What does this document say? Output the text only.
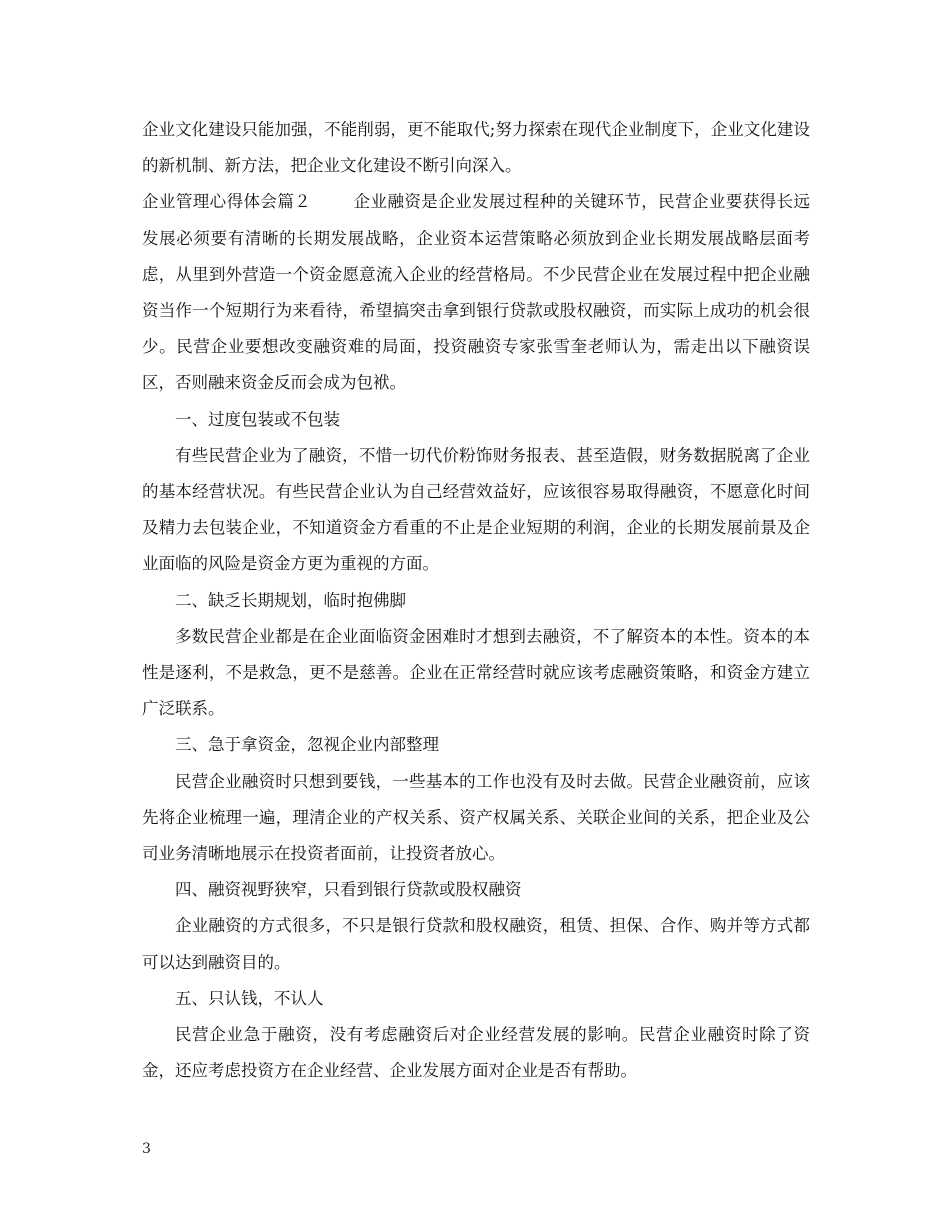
企业文化建设只能加强，不能削弱，更不能取代;努力探索在现代企业制度下，企业文化建设的新机制、新方法，把企业文化建设不断引向深入。

企业管理心得体会篇２	企业融资是企业发展过程种的关键环节，民营企业要获得长远发展必须要有清晰的长期发展战略，企业资本运营策略必须放到企业长期发展战略层面考虑，从里到外营造一个资金愿意流入企业的经营格局。不少民营企业在发展过程中把企业融资当作一个短期行为来看待，希望搞突击拿到银行贷款或股权融资，而实际上成功的机会很少。民营企业要想改变融资难的局面，投资融资专家张雪奎老师认为，需走出以下融资误区，否则融来资金反而会成为包袱。

一、过度包装或不包装

有些民营企业为了融资，不惜一切代价粉饰财务报表、甚至造假，财务数据脱离了企业的基本经营状况。有些民营企业认为自己经营效益好，应该很容易取得融资，不愿意化时间及精力去包装企业，不知道资金方看重的不止是企业短期的利润，企业的长期发展前景及企业面临的风险是资金方更为重视的方面。

二、缺乏长期规划，临时抱佛脚

多数民营企业都是在企业面临资金困难时才想到去融资，不了解资本的本性。资本的本性是逐利，不是救急，更不是慈善。企业在正常经营时就应该考虑融资策略，和资金方建立广泛联系。

三、急于拿资金，忽视企业内部整理

民营企业融资时只想到要钱，一些基本的工作也没有及时去做。民营企业融资前，应该先将企业梳理一遍，理清企业的产权关系、资产权属关系、关联企业间的关系，把企业及公司业务清晰地展示在投资者面前，让投资者放心。

四、融资视野狭窄，只看到银行贷款或股权融资

企业融资的方式很多，不只是银行贷款和股权融资，租赁、担保、合作、购并等方式都可以达到融资目的。

五、只认钱，不认人

民营企业急于融资，没有考虑融资后对企业经营发展的影响。民营企业融资时除了资金，还应考虑投资方在企业经营、企业发展方面对企业是否有帮助。

3
